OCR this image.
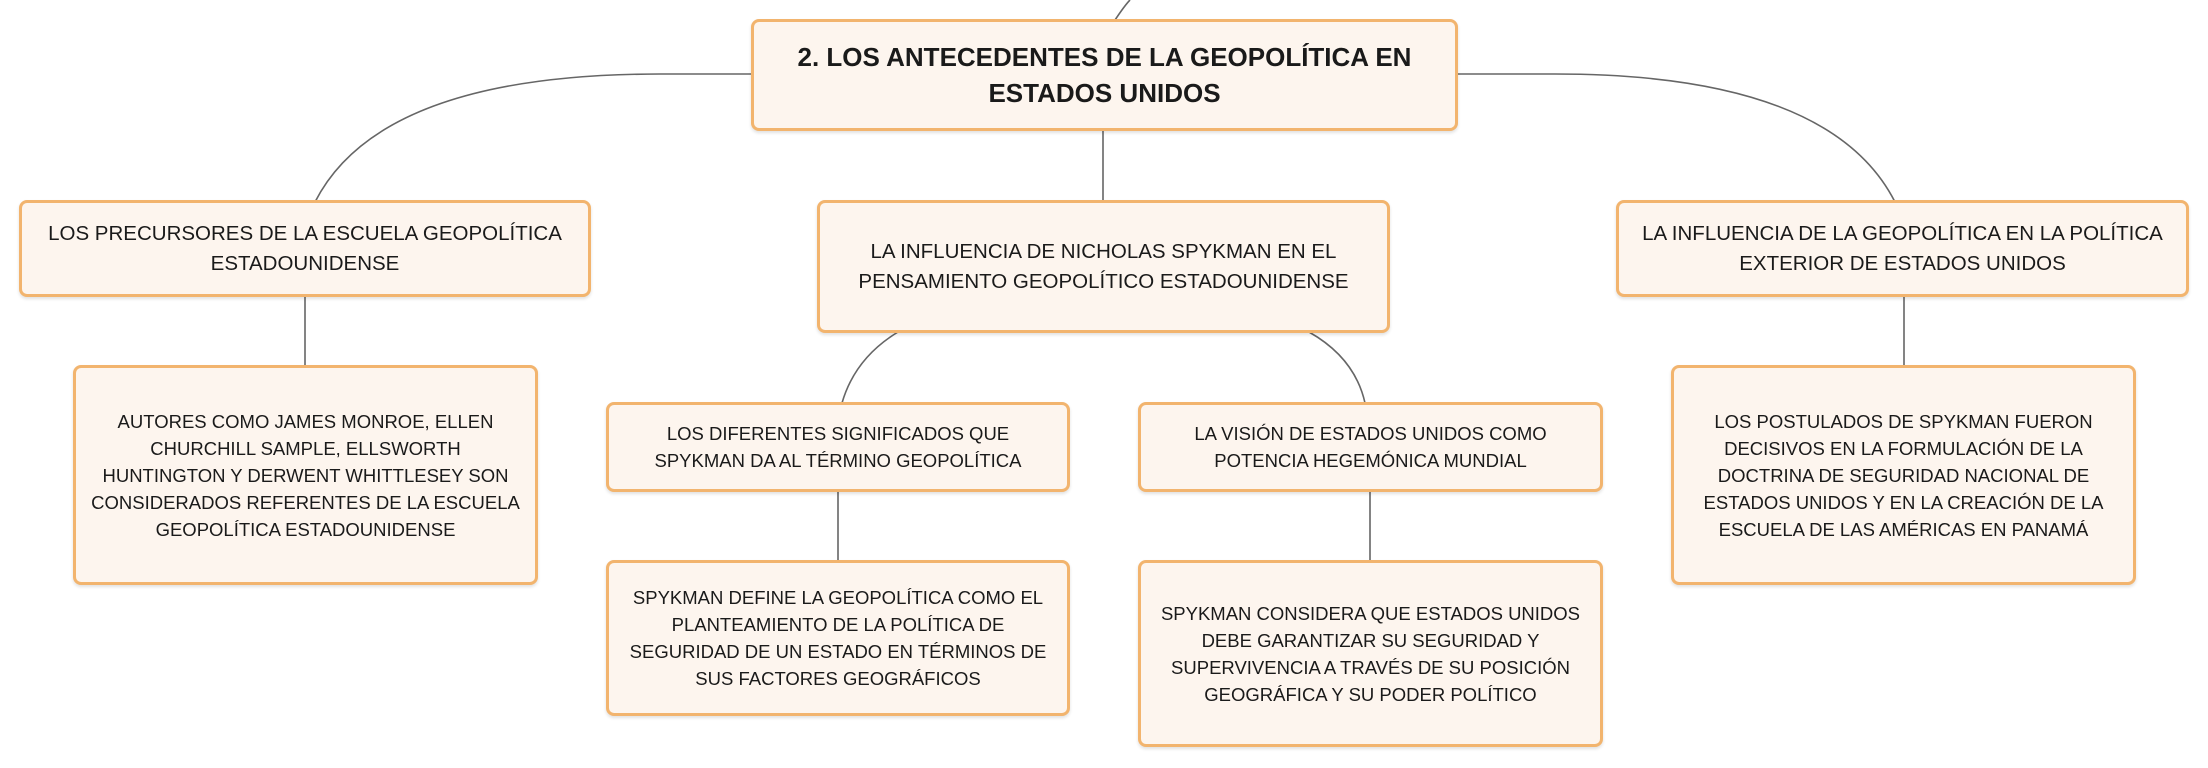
2. LOS ANTECEDENTES DE LA GEOPOLÍTICA EN ESTADOS UNIDOS
LOS PRECURSORES DE LA ESCUELA GEOPOLÍTICA ESTADOUNIDENSE
LA INFLUENCIA DE NICHOLAS SPYKMAN EN EL PENSAMIENTO GEOPOLÍTICO ESTADOUNIDENSE
LA INFLUENCIA DE LA GEOPOLÍTICA EN LA POLÍTICA EXTERIOR DE ESTADOS UNIDOS
AUTORES COMO JAMES MONROE, ELLEN CHURCHILL SAMPLE, ELLSWORTH HUNTINGTON Y DERWENT WHITTLESEY SON CONSIDERADOS REFERENTES DE LA ESCUELA GEOPOLÍTICA ESTADOUNIDENSE
LOS DIFERENTES SIGNIFICADOS QUE SPYKMAN DA AL TÉRMINO GEOPOLÍTICA
LA VISIÓN DE ESTADOS UNIDOS COMO POTENCIA HEGEMÓNICA MUNDIAL
SPYKMAN DEFINE LA GEOPOLÍTICA COMO EL PLANTEAMIENTO DE LA POLÍTICA DE SEGURIDAD DE UN ESTADO EN TÉRMINOS DE SUS FACTORES GEOGRÁFICOS
SPYKMAN CONSIDERA QUE ESTADOS UNIDOS DEBE GARANTIZAR SU SEGURIDAD Y SUPERVIVENCIA A TRAVÉS DE SU POSICIÓN GEOGRÁFICA Y SU PODER POLÍTICO
LOS POSTULADOS DE SPYKMAN FUERON DECISIVOS EN LA FORMULACIÓN DE LA DOCTRINA DE SEGURIDAD NACIONAL DE ESTADOS UNIDOS Y EN LA CREACIÓN DE LA ESCUELA DE LAS AMÉRICAS EN PANAMÁ
